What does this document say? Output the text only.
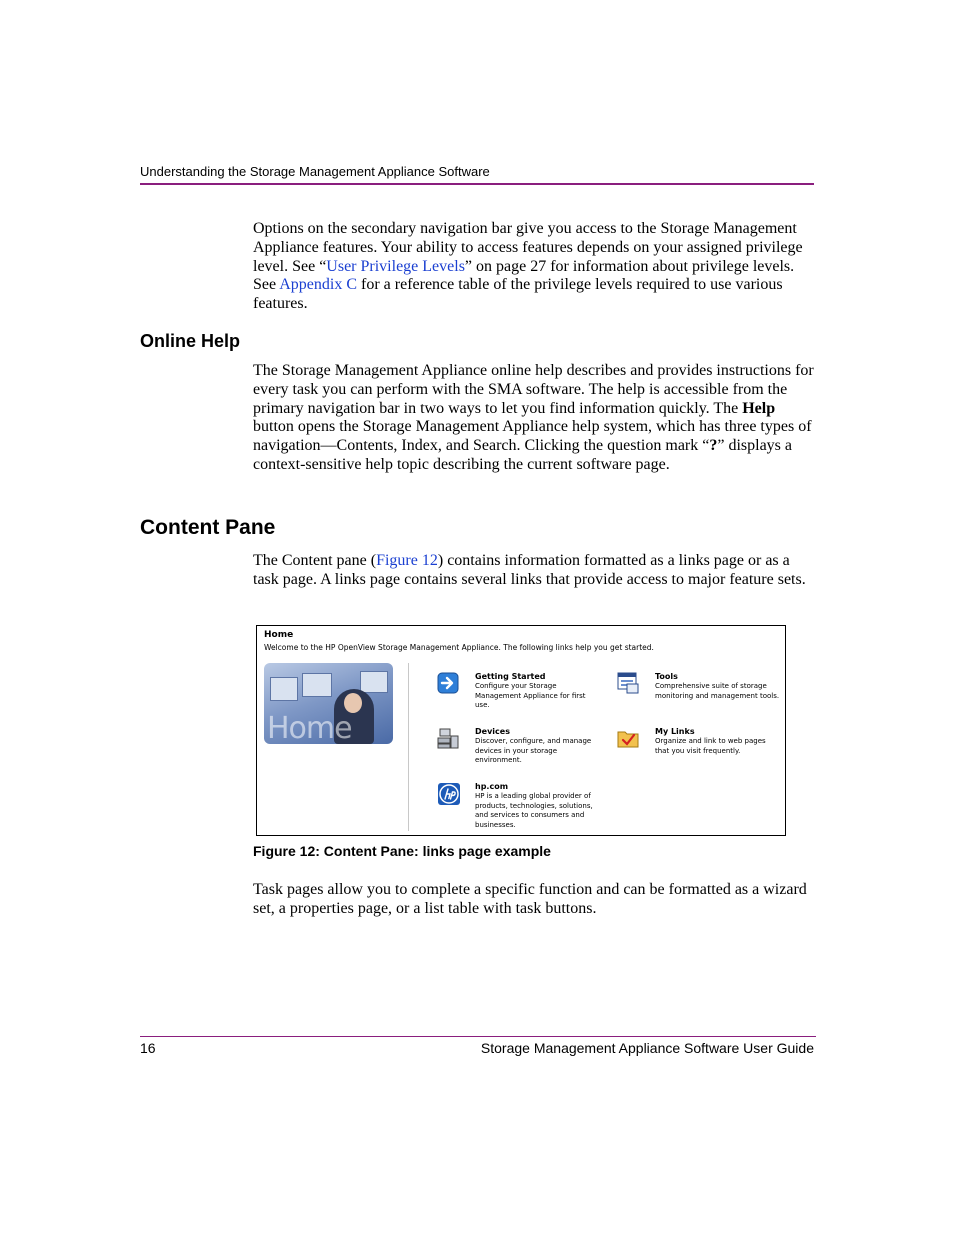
Understanding the Storage Management Appliance Software

Options on the secondary navigation bar give you access to the Storage Management Appliance features. Your ability to access features depends on your assigned privilege level. See “User Privilege Levels” on page 27 for information about privilege levels. See Appendix C for a reference table of the privilege levels required to use various features.

Online Help

The Storage Management Appliance online help describes and provides instructions for every task you can perform with the SMA software. The help is accessible from the primary navigation bar in two ways to let you find information quickly. The Help button opens the Storage Management Appliance help system, which has three types of navigation—Contents, Index, and Search. Clicking the question mark “?” displays a context-sensitive help topic describing the current software page.

Content Pane

The Content pane (Figure 12) contains information formatted as a links page or as a task page. A links page contains several links that provide access to major feature sets.

Home
Welcome to the HP OpenView Storage Management Appliance. The following links help you get started.
Home
Getting Started
Configure your Storage Management Appliance for first use.
Tools
Comprehensive suite of storage monitoring and management tools.
Devices
Discover, configure, and manage devices in your storage environment.
My Links
Organize and link to web pages that you visit frequently.
hp.com
HP is a leading global provider of products, technologies, solutions, and services to consumers and businesses.
Figure 12: Content Pane: links page example

Task pages allow you to complete a specific function and can be formatted as a wizard set, a properties page, or a list table with task buttons.

16	Storage Management Appliance Software User Guide
